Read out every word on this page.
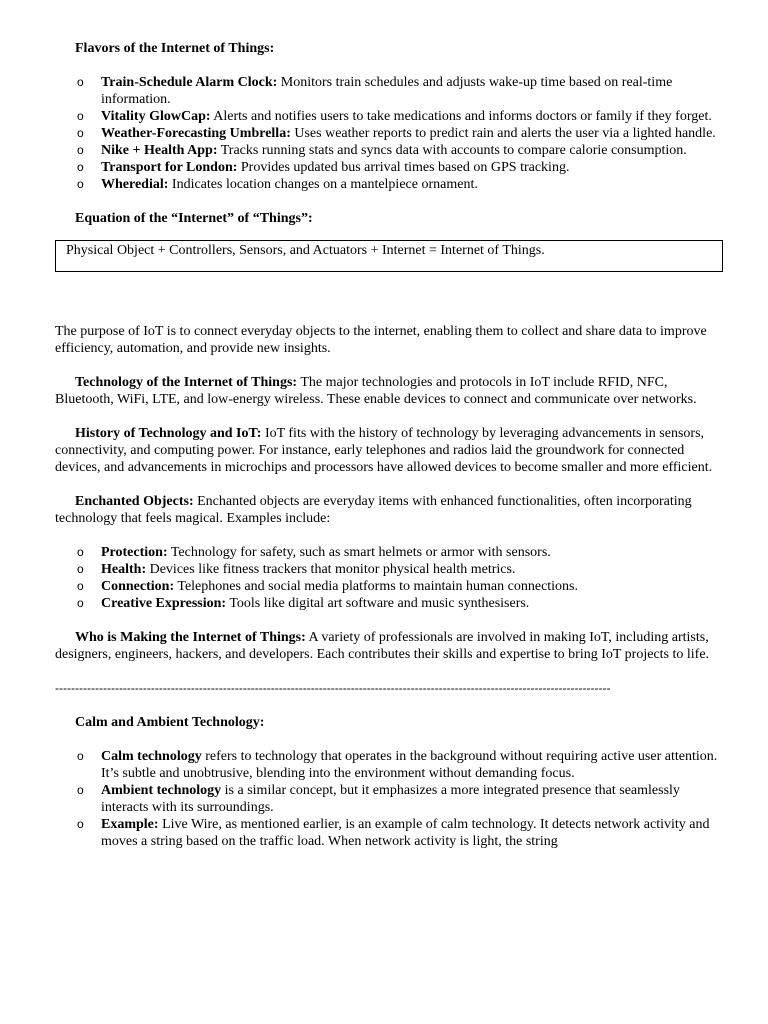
Flavors of the Internet of Things:

o Train-Schedule Alarm Clock: Monitors train schedules and adjusts wake-up time based on real-time information.
o Vitality GlowCap: Alerts and notifies users to take medications and informs doctors or family if they forget.
o Weather-Forecasting Umbrella: Uses weather reports to predict rain and alerts the user via a lighted handle.
o Nike + Health App: Tracks running stats and syncs data with accounts to compare calorie consumption.
o Transport for London: Provides updated bus arrival times based on GPS tracking.
o Wheredial: Indicates location changes on a mantelpiece ornament.

Equation of the “Internet” of “Things”:

Physical Object + Controllers, Sensors, and Actuators + Internet = Internet of Things.

The purpose of IoT is to connect everyday objects to the internet, enabling them to collect and share data to improve efficiency, automation, and provide new insights.

Technology of the Internet of Things: The major technologies and protocols in IoT include RFID, NFC, Bluetooth, WiFi, LTE, and low-energy wireless. These enable devices to connect and communicate over networks.

History of Technology and IoT: IoT fits with the history of technology by leveraging advancements in sensors, connectivity, and computing power. For instance, early telephones and radios laid the groundwork for connected devices, and advancements in microchips and processors have allowed devices to become smaller and more efficient.

Enchanted Objects: Enchanted objects are everyday items with enhanced functionalities, often incorporating technology that feels magical. Examples include:

o Protection: Technology for safety, such as smart helmets or armor with sensors.
o Health: Devices like fitness trackers that monitor physical health metrics.
o Connection: Telephones and social media platforms to maintain human connections.
o Creative Expression: Tools like digital art software and music synthesisers.

Who is Making the Internet of Things: A variety of professionals are involved in making IoT, including artists, designers, engineers, hackers, and developers. Each contributes their skills and expertise to bring IoT projects to life.

-------------------------------------------------------------------------------------------------------------------------------------------

Calm and Ambient Technology:

o Calm technology refers to technology that operates in the background without requiring active user attention. It’s subtle and unobtrusive, blending into the environment without demanding focus.
o Ambient technology is a similar concept, but it emphasizes a more integrated presence that seamlessly interacts with its surroundings.
o Example: Live Wire, as mentioned earlier, is an example of calm technology. It detects network activity and moves a string based on the traffic load. When network activity is light, the string
